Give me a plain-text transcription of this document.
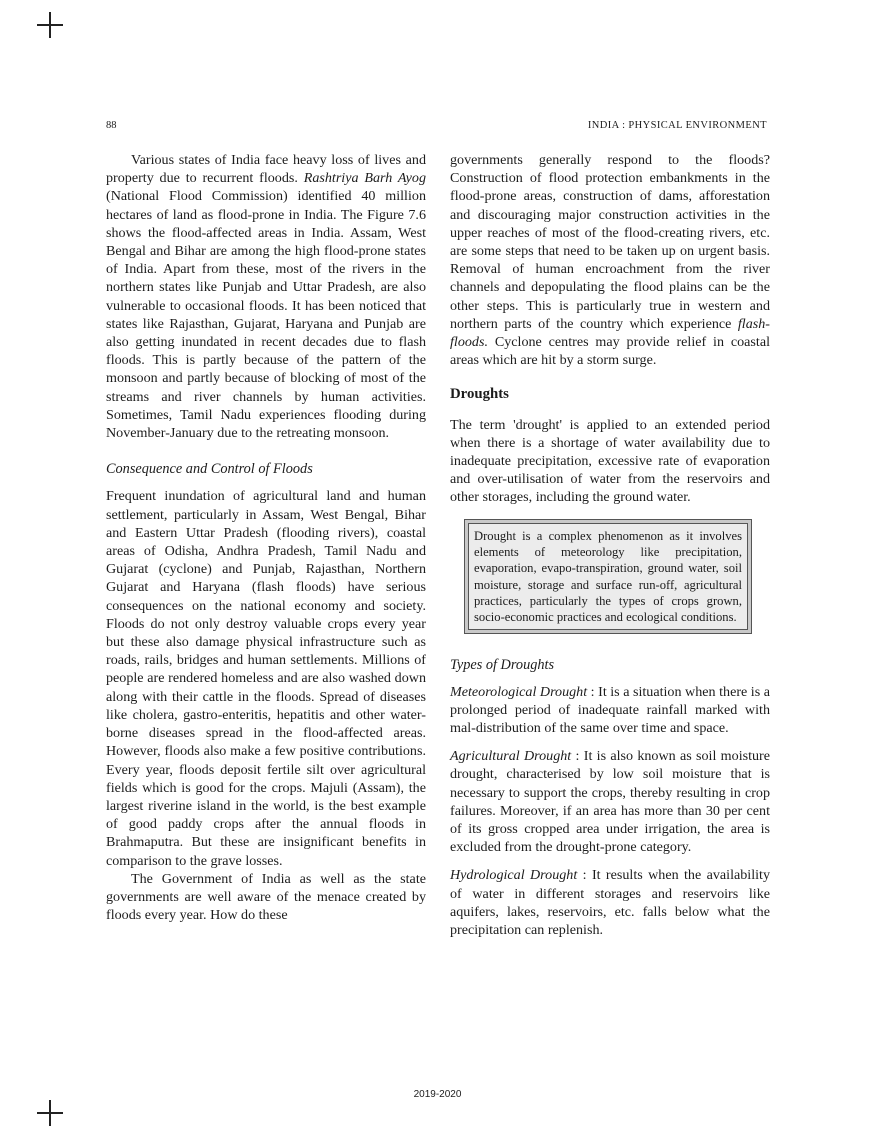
88	INDIA : PHYSICAL ENVIRONMENT

Various states of India face heavy loss of lives and property due to recurrent floods. Rashtriya Barh Ayog (National Flood Commission) identified 40 million hectares of land as flood-prone in India. The Figure 7.6 shows the flood-affected areas in India. Assam, West Bengal and Bihar are among the high flood-prone states of India. Apart from these, most of the rivers in the northern states like Punjab and Uttar Pradesh, are also vulnerable to occasional floods. It has been noticed that states like Rajasthan, Gujarat, Haryana and Punjab are also getting inundated in recent decades due to flash floods. This is partly because of the pattern of the monsoon and partly because of blocking of most of the streams and river channels by human activities. Sometimes, Tamil Nadu experiences flooding during November-January due to the retreating monsoon.

Consequence and Control of Floods

Frequent inundation of agricultural land and human settlement, particularly in Assam, West Bengal, Bihar and Eastern Uttar Pradesh (flooding rivers), coastal areas of Odisha, Andhra Pradesh, Tamil Nadu and Gujarat (cyclone) and Punjab, Rajasthan, Northern Gujarat and Haryana (flash floods) have serious consequences on the national economy and society. Floods do not only destroy valuable crops every year but these also damage physical infrastructure such as roads, rails, bridges and human settlements. Millions of people are rendered homeless and are also washed down along with their cattle in the floods. Spread of diseases like cholera, gastro-enteritis, hepatitis and other water-borne diseases spread in the flood-affected areas. However, floods also make a few positive contributions. Every year, floods deposit fertile silt over agricultural fields which is good for the crops. Majuli (Assam), the largest riverine island in the world, is the best example of good paddy crops after the annual floods in Brahmaputra. But these are insignificant benefits in comparison to the grave losses.

The Government of India as well as the state governments are well aware of the menace created by floods every year. How do these

governments generally respond to the floods? Construction of flood protection embankments in the flood-prone areas, construction of dams, afforestation and discouraging major construction activities in the upper reaches of most of the flood-creating rivers, etc. are some steps that need to be taken up on urgent basis. Removal of human encroachment from the river channels and depopulating the flood plains can be the other steps. This is particularly true in western and northern parts of the country which experience flash-floods. Cyclone centres may provide relief in coastal areas which are hit by a storm surge.

Droughts

The term 'drought' is applied to an extended period when there is a shortage of water availability due to inadequate precipitation, excessive rate of evaporation and over-utilisation of water from the reservoirs and other storages, including the ground water.

Drought is a complex phenomenon as it involves elements of meteorology like precipitation, evaporation, evapo-transpiration, ground water, soil moisture, storage and surface run-off, agricultural practices, particularly the types of crops grown, socio-economic practices and ecological conditions.

Types of Droughts

Meteorological Drought : It is a situation when there is a prolonged period of inadequate rainfall marked with mal-distribution of the same over time and space.

Agricultural Drought : It is also known as soil moisture drought, characterised by low soil moisture that is necessary to support the crops, thereby resulting in crop failures. Moreover, if an area has more than 30 per cent of its gross cropped area under irrigation, the area is excluded from the drought-prone category.

Hydrological Drought : It results when the availability of water in different storages and reservoirs like aquifers, lakes, reservoirs, etc. falls below what the precipitation can replenish.

2019-2020
